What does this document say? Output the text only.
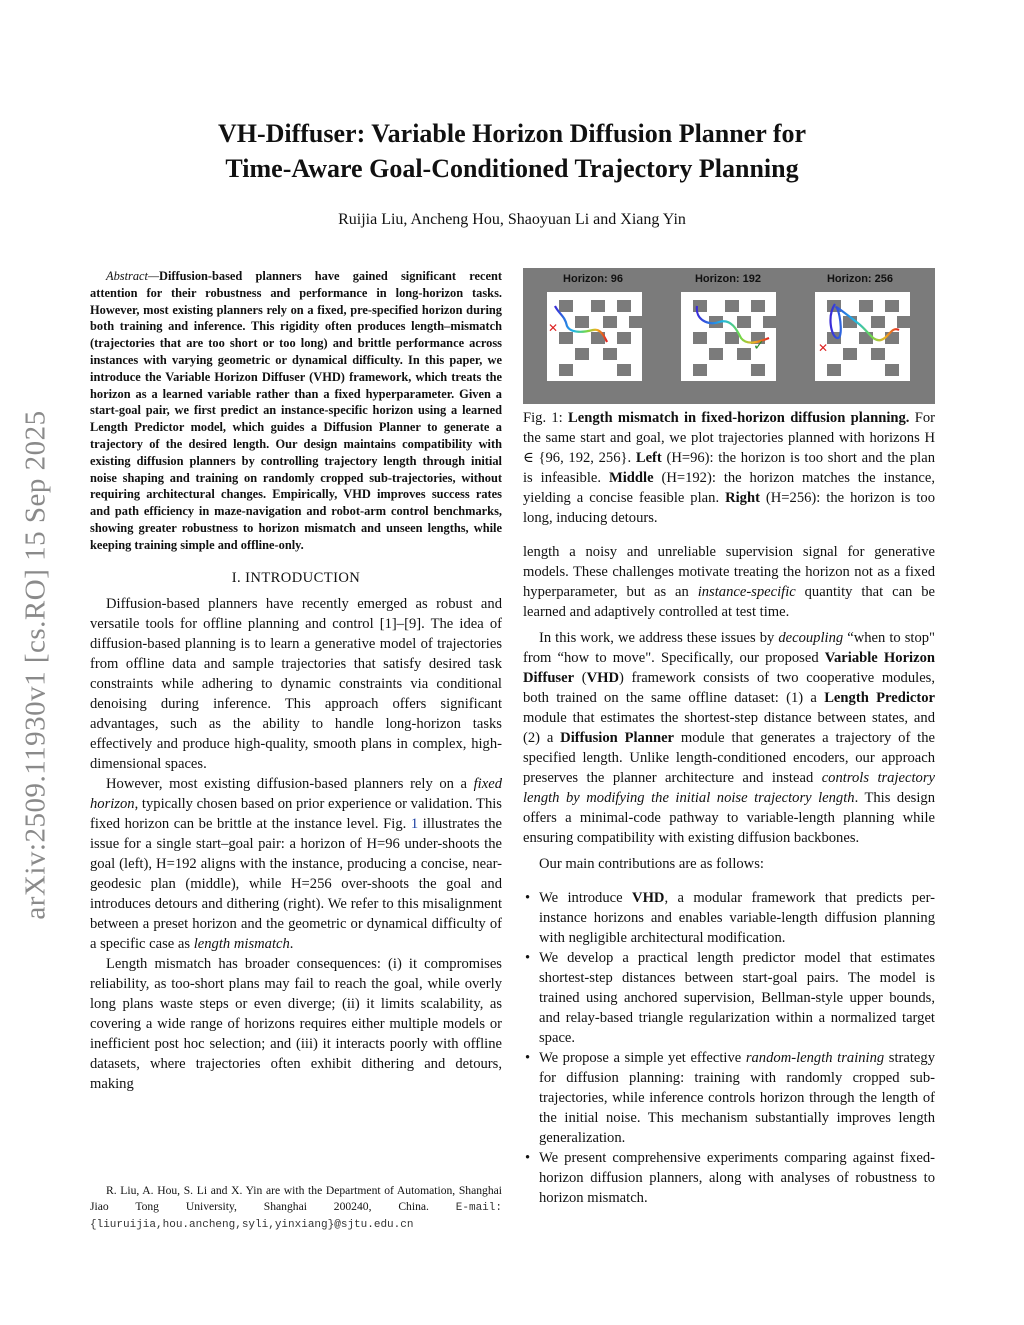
arXiv:2509.11930v1 [cs.RO] 15 Sep 2025
VH-Diffuser: Variable Horizon Diffusion Planner for
Time-Aware Goal-Conditioned Trajectory Planning
Ruijia Liu, Ancheng Hou, Shaoyuan Li and Xiang Yin
Abstract—Diffusion-based planners have gained significant recent attention for their robustness and performance in long-horizon tasks. However, most existing planners rely on a fixed, pre-specified horizon during both training and inference. This rigidity often produces length–mismatch (trajectories that are too short or too long) and brittle performance across instances with varying geometric or dynamical difficulty. In this paper, we introduce the Variable Horizon Diffuser (VHD) framework, which treats the horizon as a learned variable rather than a fixed hyperparameter. Given a start-goal pair, we first predict an instance-specific horizon using a learned Length Predictor model, which guides a Diffusion Planner to generate a trajectory of the desired length. Our design maintains compatibility with existing diffusion planners by controlling trajectory length through initial noise shaping and training on randomly cropped sub-trajectories, without requiring architectural changes. Empirically, VHD improves success rates and path efficiency in maze-navigation and robot-arm control benchmarks, showing greater robustness to horizon mismatch and unseen lengths, while keeping training simple and offline-only.
I. INTRODUCTION

Diffusion-based planners have recently emerged as robust and versatile tools for offline planning and control [1]–[9]. The idea of diffusion-based planning is to learn a generative model of trajectories from offline data and sample trajectories that satisfy desired task constraints while adhering to dynamic constraints via conditional denoising during inference. This approach offers significant advantages, such as the ability to handle long-horizon tasks effectively and produce high-quality, smooth plans in complex, high-dimensional spaces.

However, most existing diffusion-based planners rely on a fixed horizon, typically chosen based on prior experience or validation. This fixed horizon can be brittle at the instance level. Fig. 1 illustrates the issue for a single start–goal pair: a horizon of H=96 under-shoots the goal (left), H=192 aligns with the instance, producing a concise, near-geodesic plan (middle), while H=256 over-shoots the goal and introduces detours and dithering (right). We refer to this misalignment between a preset horizon and the geometric or dynamical difficulty of a specific case as length mismatch.

Length mismatch has broader consequences: (i) it compromises reliability, as too-short plans may fail to reach the goal, while overly long plans waste steps or even diverge; (ii) it limits scalability, as covering a wide range of horizons requires either multiple models or inefficient post hoc selection; and (iii) it interacts poorly with offline datasets, where trajectories often exhibit dithering and detours, making

R. Liu, A. Hou, S. Li and X. Yin are with the Department of Automation, Shanghai Jiao Tong University, Shanghai 200240, China. E-mail: {liuruijia,hou.ancheng,syli,yinxiang}@sjtu.edu.cn
Horizon: 96	Horizon: 192	Horizon: 256
✕
✓	✕
Fig. 1: Length mismatch in fixed-horizon diffusion planning. For the same start and goal, we plot trajectories planned with horizons H ∈ {96, 192, 256}. Left (H=96): the horizon is too short and the plan is infeasible. Middle (H=192): the horizon matches the instance, yielding a concise feasible plan. Right (H=256): the horizon is too long, inducing detours.

length a noisy and unreliable supervision signal for generative models. These challenges motivate treating the horizon not as a fixed hyperparameter, but as an instance-specific quantity that can be learned and adaptively controlled at test time.

In this work, we address these issues by decoupling “when to stop" from “how to move". Specifically, our proposed Variable Horizon Diffuser (VHD) framework consists of two cooperative modules, both trained on the same offline dataset: (1) a Length Predictor module that estimates the shortest-step distance between states, and (2) a Diffusion Planner module that generates a trajectory of the specified length. Unlike length-conditioned encoders, our approach preserves the planner architecture and instead controls trajectory length by modifying the initial noise trajectory length. This design offers a minimal-code pathway to variable-length planning while ensuring compatibility with existing diffusion backbones.

Our main contributions are as follows:

• We introduce VHD, a modular framework that predicts per-instance horizons and enables variable-length diffusion planning with negligible architectural modification.
• We develop a practical length predictor model that estimates shortest-step distances between start-goal pairs. The model is trained using anchored supervision, Bellman-style upper bounds, and relay-based triangle regularization within a normalized target space.
• We propose a simple yet effective random-length training strategy for diffusion planning: training with randomly cropped sub-trajectories, while inference controls horizon through the length of the initial noise. This mechanism substantially improves length generalization.
• We present comprehensive experiments comparing against fixed-horizon diffusion planners, along with analyses of robustness to horizon mismatch.
